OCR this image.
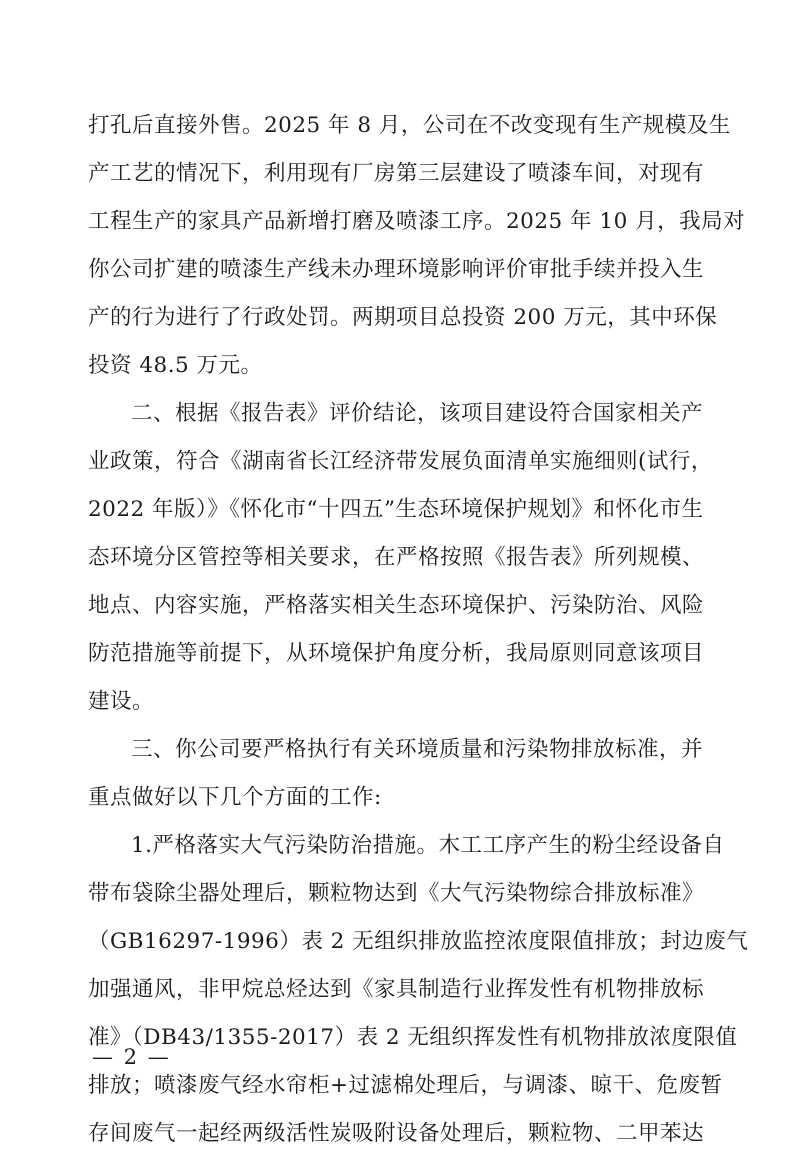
打孔后直接外售。2025 年 8 月，公司在不改变现有生产规模及生
产工艺的情况下，利用现有厂房第三层建设了喷漆车间，对现有
工程生产的家具产品新增打磨及喷漆工序。2025 年 10 月，我局对
你公司扩建的喷漆生产线未办理环境影响评价审批手续并投入生
产的行为进行了行政处罚。两期项目总投资 200 万元，其中环保
投资 48.5 万元。
二、根据《报告表》评价结论，该项目建设符合国家相关产
业政策，符合《湖南省长江经济带发展负面清单实施细则(试行，
2022 年版）》《怀化市“十四五”生态环境保护规划》和怀化市生
态环境分区管控等相关要求，在严格按照《报告表》所列规模、
地点、内容实施，严格落实相关生态环境保护、污染防治、风险
防范措施等前提下，从环境保护角度分析，我局原则同意该项目
建设。
三、你公司要严格执行有关环境质量和污染物排放标准，并
重点做好以下几个方面的工作:
1.严格落实大气污染防治措施。木工工序产生的粉尘经设备自
带布袋除尘器处理后，颗粒物达到《大气污染物综合排放标准》
（GB16297-1996）表 2 无组织排放监控浓度限值排放；封边废气
加强通风，非甲烷总烃达到《家具制造行业挥发性有机物排放标
准》（DB43/1355-2017）表 2 无组织挥发性有机物排放浓度限值
排放；喷漆废气经水帘柜+过滤棉处理后，与调漆、晾干、危废暂
存间废气一起经两级活性炭吸附设备处理后，颗粒物、二甲苯达
— 2 —
